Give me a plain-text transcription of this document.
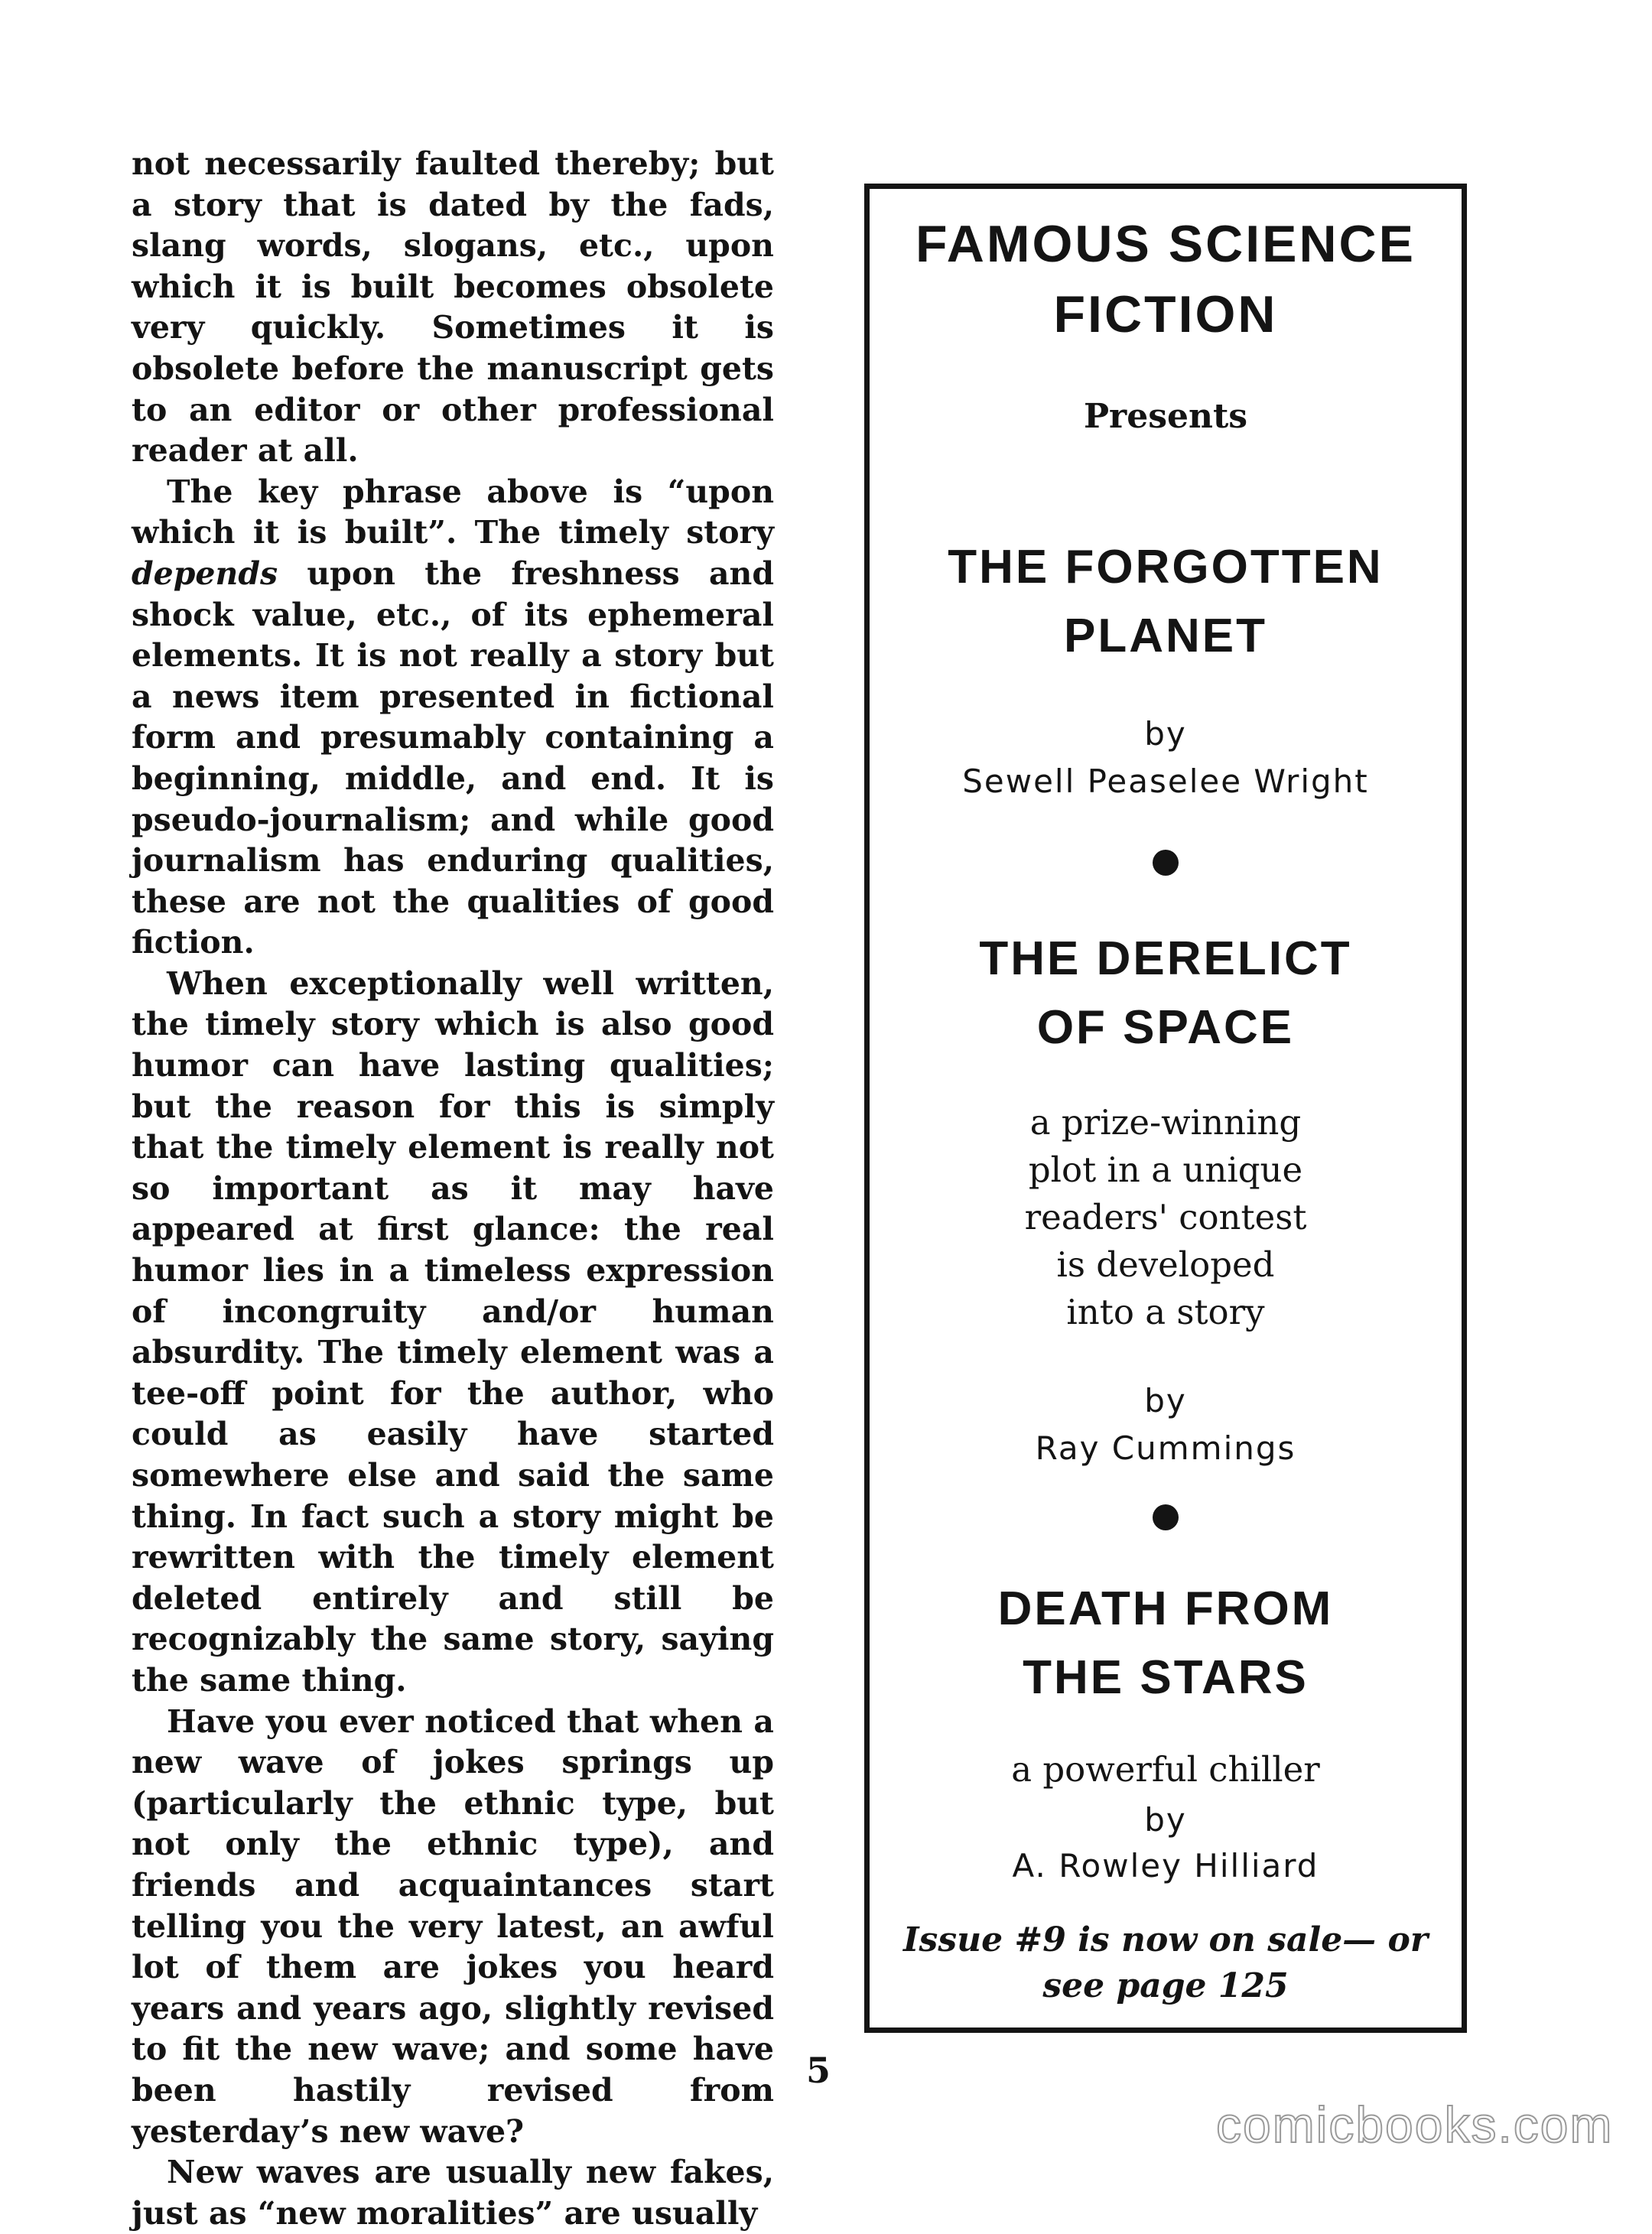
not necessarily faulted thereby; but a story that is dated by the fads, slang words, slogans, etc., upon which it is built becomes obsolete very quickly. Sometimes it is obsolete before the manuscript gets to an editor or other professional reader at all.

The key phrase above is “upon which it is built”. The timely story depends upon the freshness and shock value, etc., of its ephemeral elements. It is not really a story but a news item presented in fictional form and presumably containing a beginning, middle, and end. It is pseudo-journalism; and while good journalism has enduring qualities, these are not the qualities of good fiction.

When exceptionally well written, the timely story which is also good humor can have lasting qualities; but the reason for this is simply that the timely element is really not so important as it may have appeared at first glance: the real humor lies in a timeless expression of incongruity and/or human absurdity. The timely element was a tee-off point for the author, who could as easily have started somewhere else and said the same thing. In fact such a story might be rewritten with the timely element deleted entirely and still be recognizably the same story, saying the same thing.

Have you ever noticed that when a new wave of jokes springs up (particularly the ethnic type, but not only the ethnic type), and friends and acquaintances start telling you the very latest, an awful lot of them are jokes you heard years and years ago, slightly revised to fit the new wave; and some have been hastily revised from yesterday’s new wave?

New waves are usually new fakes, just as “new moralities” are usually

FAMOUS SCIENCE
FICTION
Presents
THE FORGOTTEN
PLANET
by
Sewell Peaselee Wright
THE DERELICT
OF SPACE
a prize-winning
plot in a unique
readers' contest
is developed
into a story
by
Ray Cummings
DEATH FROM
THE STARS
a powerful chiller
by
A. Rowley Hilliard
Issue #9 is now on sale— or
see page 125
5
comicbooks.com
